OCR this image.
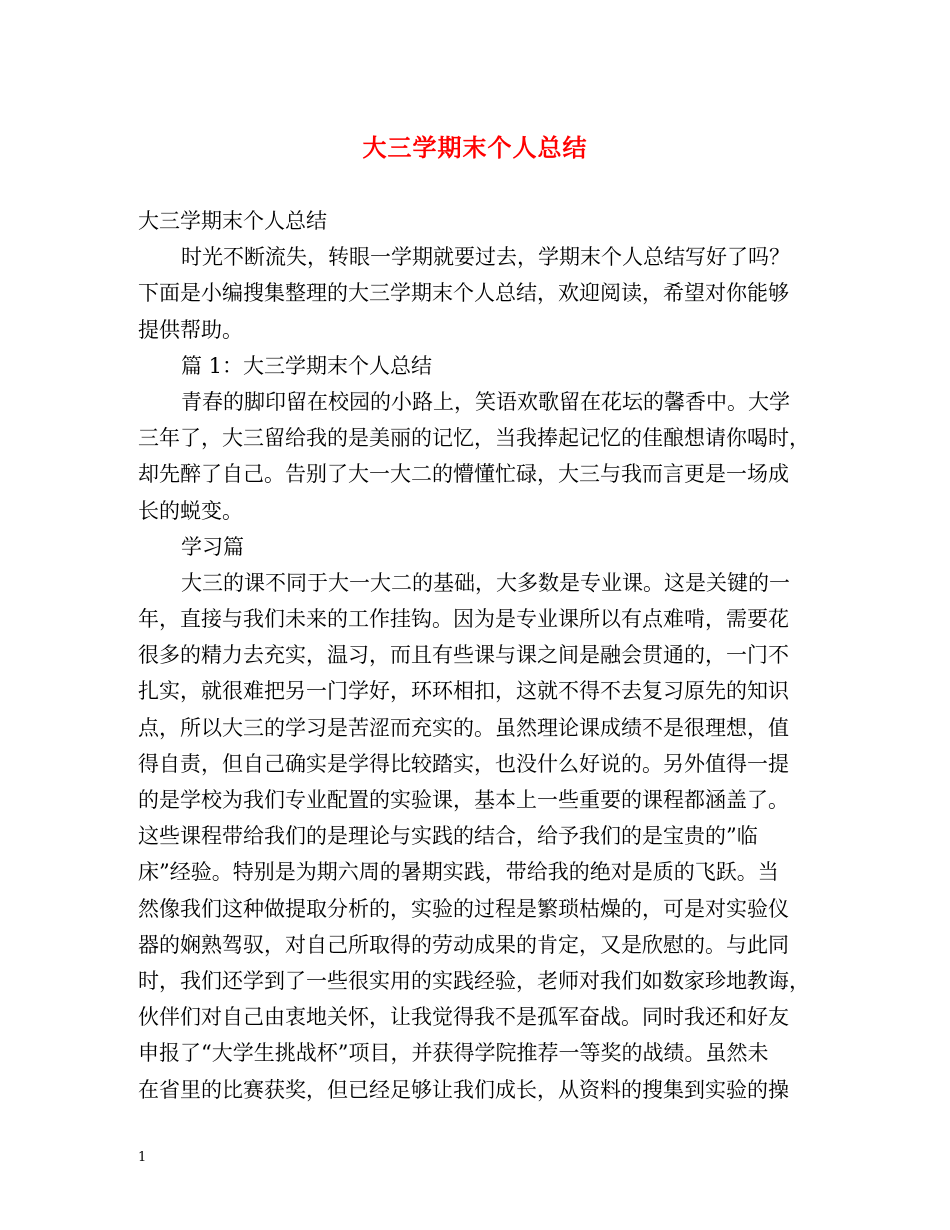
大三学期末个人总结
大三学期末个人总结
时光不断流失，转眼一学期就要过去，学期末个人总结写好了吗？
下面是小编搜集整理的大三学期末个人总结，欢迎阅读，希望对你能够
提供帮助。
篇 1：大三学期末个人总结
青春的脚印留在校园的小路上，笑语欢歌留在花坛的馨香中。大学
三年了，大三留给我的是美丽的记忆，当我捧起记忆的佳酿想请你喝时，
却先醉了自己。告别了大一大二的懵懂忙碌，大三与我而言更是一场成
长的蜕变。
学习篇
大三的课不同于大一大二的基础，大多数是专业课。这是关键的一
年，直接与我们未来的工作挂钩。因为是专业课所以有点难啃，需要花
很多的精力去充实，温习，而且有些课与课之间是融会贯通的，一门不
扎实，就很难把另一门学好，环环相扣，这就不得不去复习原先的知识
点，所以大三的学习是苦涩而充实的。虽然理论课成绩不是很理想，值
得自责，但自己确实是学得比较踏实，也没什么好说的。另外值得一提
的是学校为我们专业配置的实验课，基本上一些重要的课程都涵盖了。
这些课程带给我们的是理论与实践的结合，给予我们的是宝贵的”临
床”经验。特别是为期六周的暑期实践，带给我的绝对是质的飞跃。当
然像我们这种做提取分析的，实验的过程是繁琐枯燥的，可是对实验仪
器的娴熟驾驭，对自己所取得的劳动成果的肯定，又是欣慰的。与此同
时，我们还学到了一些很实用的实践经验，老师对我们如数家珍地教诲，
伙伴们对自己由衷地关怀，让我觉得我不是孤军奋战。同时我还和好友
申报了“大学生挑战杯”项目，并获得学院推荐一等奖的战绩。虽然未
在省里的比赛获奖，但已经足够让我们成长，从资料的搜集到实验的操
1
